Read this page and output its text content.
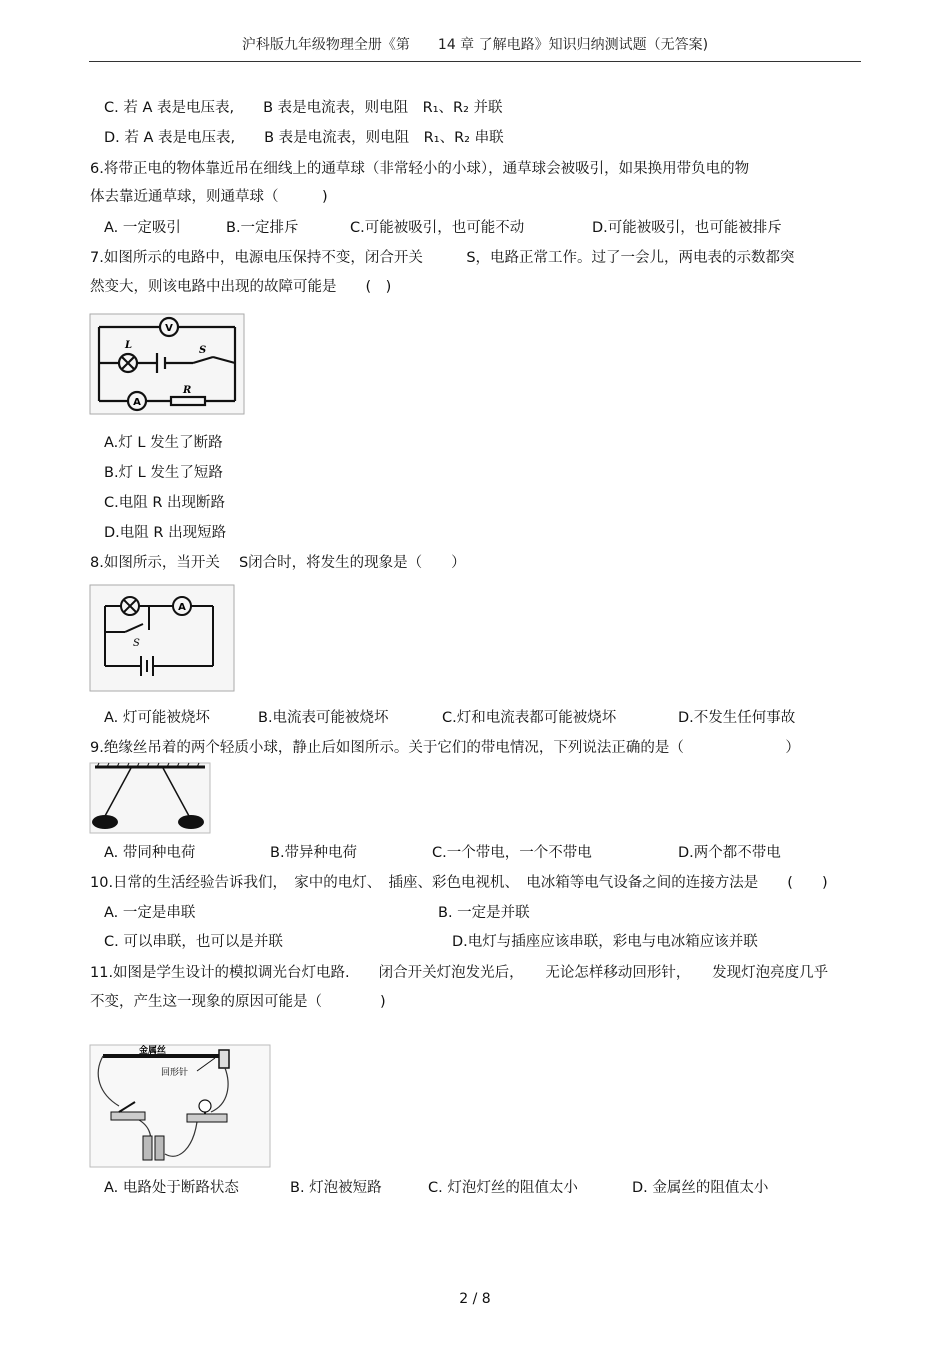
沪科版九年级物理全册《第　　14 章 了解电路》知识归纳测试题（无答案)
C. 若 A 表是电压表,　　B 表是电流表，则电阻　R₁、R₂ 并联
D. 若 A 表是电压表,　　B 表是电流表，则电阻　R₁、R₂ 串联
6.将带正电的物体靠近吊在细线上的通草球（非常轻小的小球），通草球会被吸引，如果换用带负电的物
体去靠近通草球，则通草球（　　　)
A. 一定吸引	B.一定排斥	C.可能被吸引，也可能不动	D.可能被吸引，也可能被排斥
7.如图所示的电路中，电源电压保持不变，闭合开关　　　S，电路正常工作。过了一会儿，两电表的示数都突
然变大，则该电路中出现的故障可能是　　(　)
V
A
L	S
R
A.灯 L 发生了断路
B.灯 L 发生了短路
C.电阻 R 出现断路
D.电阻 R 出现短路
8.如图所示，当开关　 S闭合时，将发生的现象是（　　）
A
S
A. 灯可能被烧坏	B.电流表可能被烧坏	C.灯和电流表都可能被烧坏	D.不发生任何事故
9.绝缘丝吊着的两个轻质小球，静止后如图所示。关于它们的带电情况，下列说法正确的是（　　　　　　　）
A. 带同种电荷	B.带异种电荷	C.一个带电，一个不带电	D.两个都不带电
10.日常的生活经验告诉我们，　家中的电灯、　插座、彩色电视机、　电冰箱等电气设备之间的连接方法是　　(　　)
A. 一定是串联	B. 一定是并联
C. 可以串联，也可以是并联	D.电灯与插座应该串联，彩电与电冰箱应该并联
11.如图是学生设计的模拟调光台灯电路.　　闭合开关灯泡发光后，　　无论怎样移动回形针，　　发现灯泡亮度几乎
不变，产生这一现象的原因可能是（　　　　)
金属丝
回形针
A. 电路处于断路状态	B. 灯泡被短路	C. 灯泡灯丝的阻值太小	D. 金属丝的阻值太小
2 / 8
